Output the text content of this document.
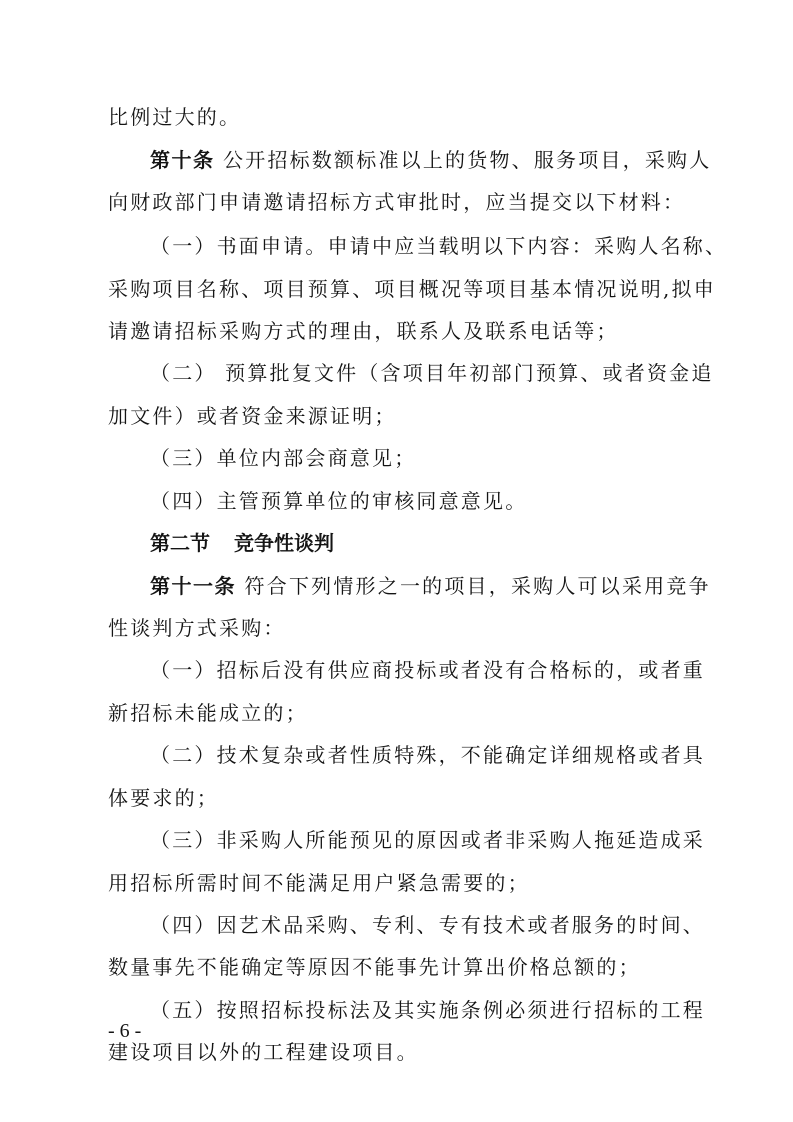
比例过大的。
第十条 公开招标数额标准以上的货物、服务项目，采购人
向财政部门申请邀请招标方式审批时，应当提交以下材料：
（一）书面申请。申请中应当载明以下内容：采购人名称、
采购项目名称、项目预算、项目概况等项目基本情况说明,拟申
请邀请招标采购方式的理由，联系人及联系电话等；
（二） 预算批复文件（含项目年初部门预算、或者资金追
加文件）或者资金来源证明；
（三）单位内部会商意见；
（四）主管预算单位的审核同意意见。
第二节 竞争性谈判
第十一条 符合下列情形之一的项目，采购人可以采用竞争
性谈判方式采购：
（一）招标后没有供应商投标或者没有合格标的，或者重
新招标未能成立的；
（二）技术复杂或者性质特殊，不能确定详细规格或者具
体要求的；
（三）非采购人所能预见的原因或者非采购人拖延造成采
用招标所需时间不能满足用户紧急需要的；
（四）因艺术品采购、专利、专有技术或者服务的时间、
数量事先不能确定等原因不能事先计算出价格总额的；
（五）按照招标投标法及其实施条例必须进行招标的工程
建设项目以外的工程建设项目。
- 6 -
